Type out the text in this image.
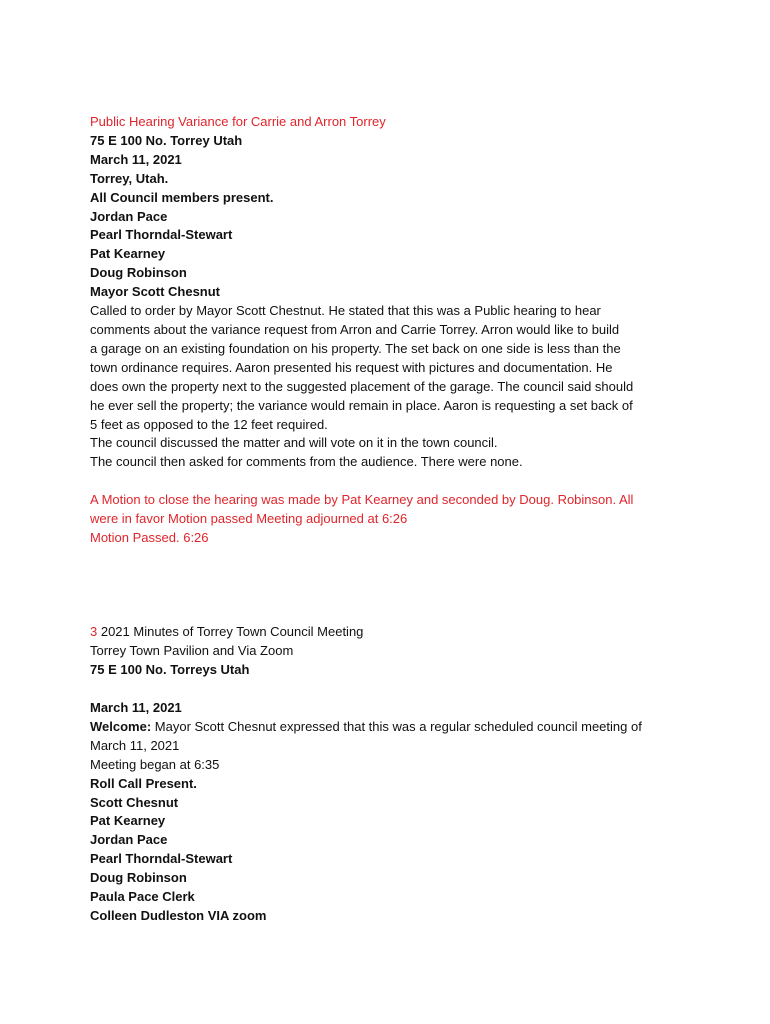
Public Hearing Variance for Carrie and Arron Torrey
75 E 100 No. Torrey Utah
March 11, 2021
Torrey, Utah.
All Council members present.
Jordan Pace
Pearl Thorndal-Stewart
Pat Kearney
Doug Robinson
Mayor Scott Chesnut
Called to order by Mayor Scott Chestnut. He stated that this was a Public hearing to hear
comments about the variance request from Arron and Carrie Torrey. Arron would like to build
a garage on an existing foundation on his property. The set back on one side is less than the
town ordinance requires. Aaron presented his request with pictures and documentation. He
does own the property next to the suggested placement of the garage. The council said should
he ever sell the property; the variance would remain in place. Aaron is requesting a set back of
5 feet as opposed to the 12 feet required.
The council discussed the matter and will vote on it in the town council.
The council then asked for comments from the audience. There were none.
A Motion to close the hearing was made by Pat Kearney and seconded by Doug. Robinson. All
were in favor Motion passed Meeting adjourned at 6:26
Motion Passed. 6:26
3 2021 Minutes of Torrey Town Council Meeting
Torrey Town Pavilion and Via Zoom
75 E 100 No. Torreys Utah
March 11, 2021
Welcome: Mayor Scott Chesnut expressed that this was a regular scheduled council meeting of
March 11, 2021
Meeting began at 6:35
Roll Call Present.
Scott Chesnut
Pat Kearney
Jordan Pace
Pearl Thorndal-Stewart
Doug Robinson
Paula Pace Clerk
Colleen Dudleston VIA zoom
